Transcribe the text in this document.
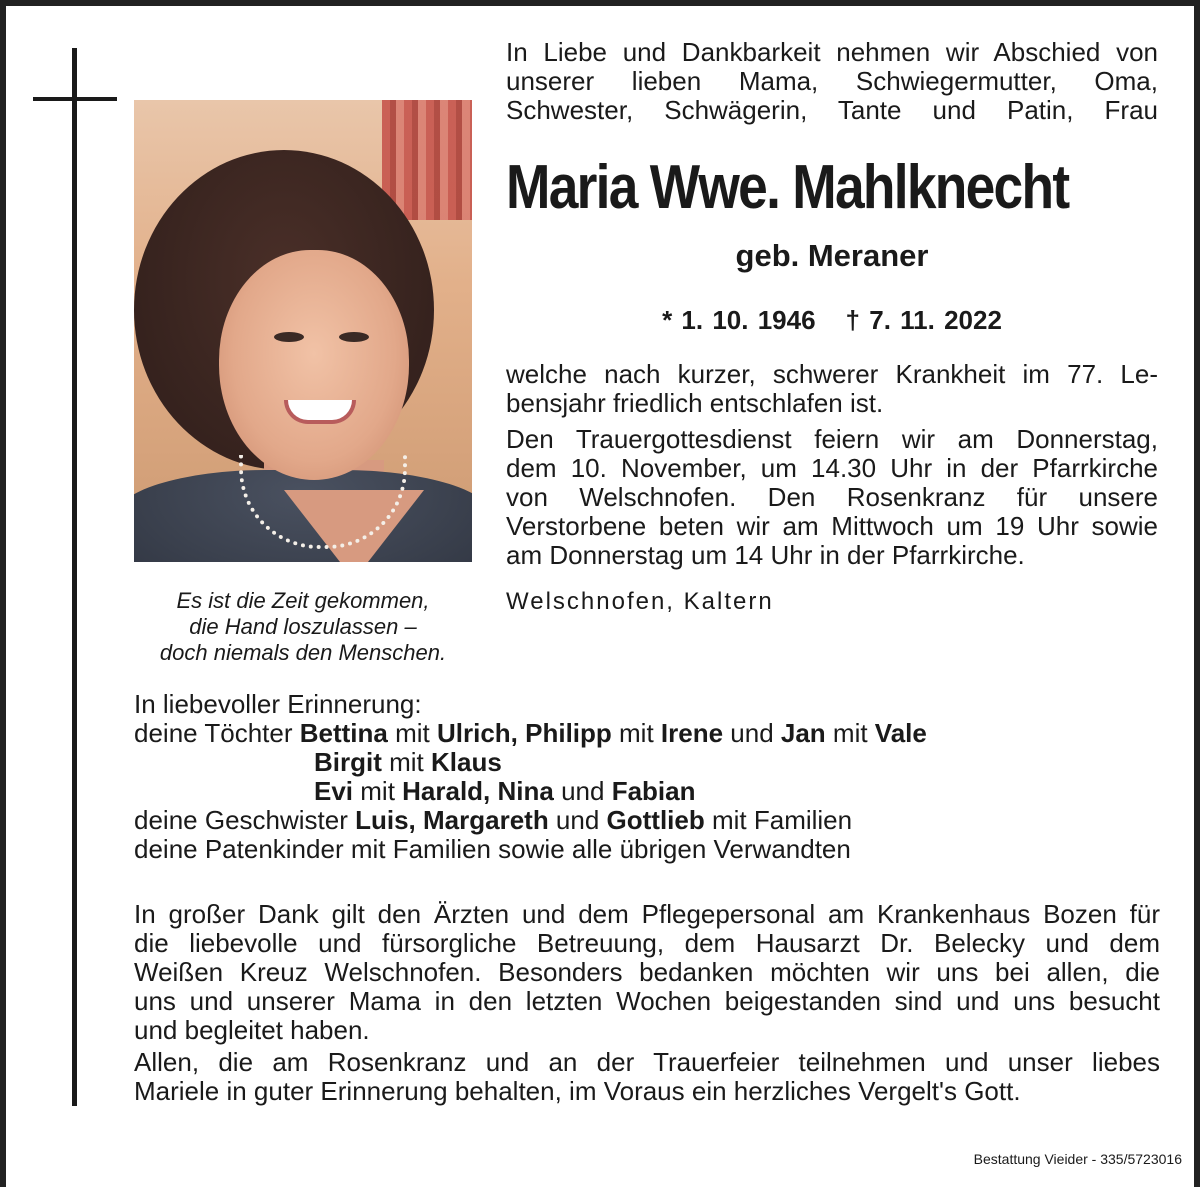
In Liebe und Dankbarkeit nehmen wir Abschied von
unserer lieben Mama, Schwiegermutter, Oma,
Schwester, Schwägerin, Tante und Patin, Frau
Maria Wwe. Mahlknecht
geb. Meraner
* 1. 10. 1946 † 7. 11. 2022
welche nach kurzer, schwerer Krankheit im 77. Le-
bensjahr friedlich entschlafen ist.
Den Trauergottesdienst feiern wir am Donnerstag,
dem 10. November, um 14.30 Uhr in der Pfarrkirche
von Welschnofen. Den Rosenkranz für unsere
Verstorbene beten wir am Mittwoch um 19 Uhr sowie
am Donnerstag um 14 Uhr in der Pfarrkirche.
Welschnofen, Kaltern
Es ist die Zeit gekommen,
die Hand loszulassen –
doch niemals den Menschen.
In liebevoller Erinnerung:
deine Töchter Bettina mit Ulrich, Philipp mit Irene und Jan mit Vale
Birgit mit Klaus
Evi mit Harald, Nina und Fabian
deine Geschwister Luis, Margareth und Gottlieb mit Familien
deine Patenkinder mit Familien sowie alle übrigen Verwandten
In großer Dank gilt den Ärzten und dem Pflegepersonal am Krankenhaus Bozen für
die liebevolle und fürsorgliche Betreuung, dem Hausarzt Dr. Belecky und dem
Weißen Kreuz Welschnofen. Besonders bedanken möchten wir uns bei allen, die
uns und unserer Mama in den letzten Wochen beigestanden sind und uns besucht
und begleitet haben.
Allen, die am Rosenkranz und an der Trauerfeier teilnehmen und unser liebes
Mariele in guter Erinnerung behalten, im Voraus ein herzliches Vergelt's Gott.
Bestattung Vieider - 335/5723016
